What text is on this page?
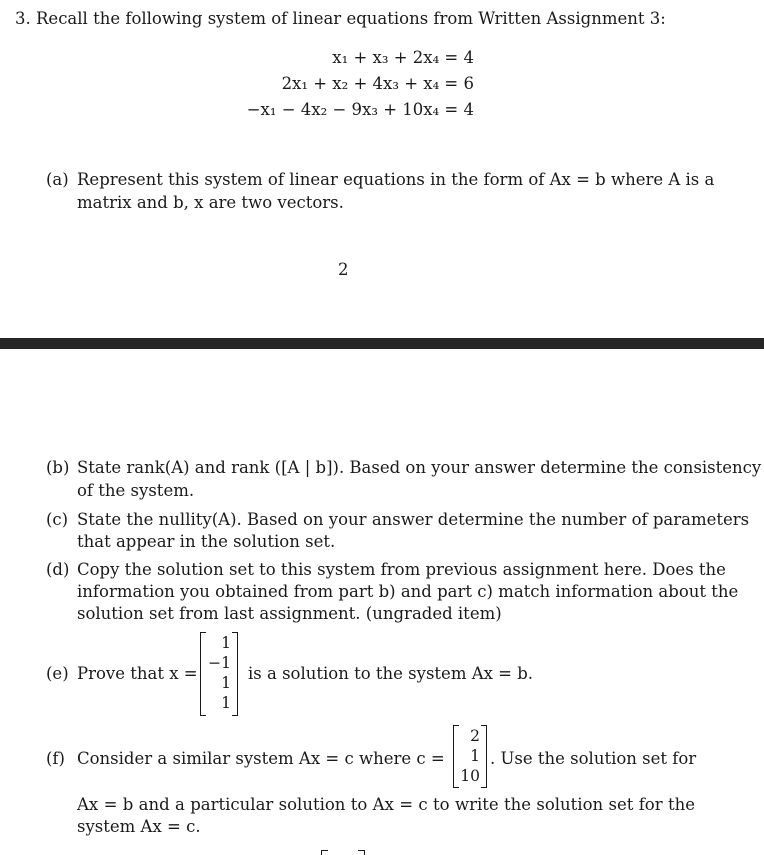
3. Recall the following system of linear equations from Written Assignment 3:
x₁ + x₃ + 2x₄ = 4
2x₁ + x₂ + 4x₃ + x₄ = 6
−x₁ − 4x₂ − 9x₃ + 10x₄ = 4
(a) Represent this system of linear equations in the form of Ax = b where A is a
matrix and b, x are two vectors.
2
(b) State rank(A) and rank ([A | b]). Based on your answer determine the consistency
of the system.
(c) State the nullity(A). Based on your answer determine the number of parameters
that appear in the solution set.
(d) Copy the solution set to this system from previous assignment here. Does the
information you obtained from part b) and part c) match information about the
solution set from last assignment. (ungraded item)
(e) Prove that x =
1
−1
1
1
is a solution to the system Ax = b.
(f) Consider a similar system Ax = c where c =
2
1
10
. Use the solution set for
Ax = b and a particular solution to Ax = c to write the solution set for the
system Ax = c.
